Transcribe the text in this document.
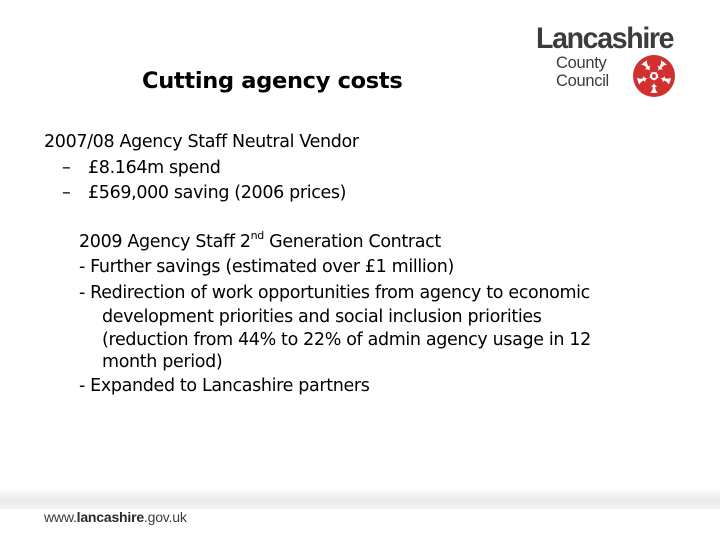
Cutting agency costs
Lancashire
County
Council
2007/08 Agency Staff Neutral Vendor
– £8.164m spend
– £569,000 saving (2006 prices)
2009 Agency Staff 2nd Generation Contract
- Further savings (estimated over £1 million)
- Redirection of work opportunities from agency to economic
development priorities and social inclusion priorities
(reduction from 44% to 22% of admin agency usage in 12
month period)
- Expanded to Lancashire partners
www.lancashire.gov.uk
